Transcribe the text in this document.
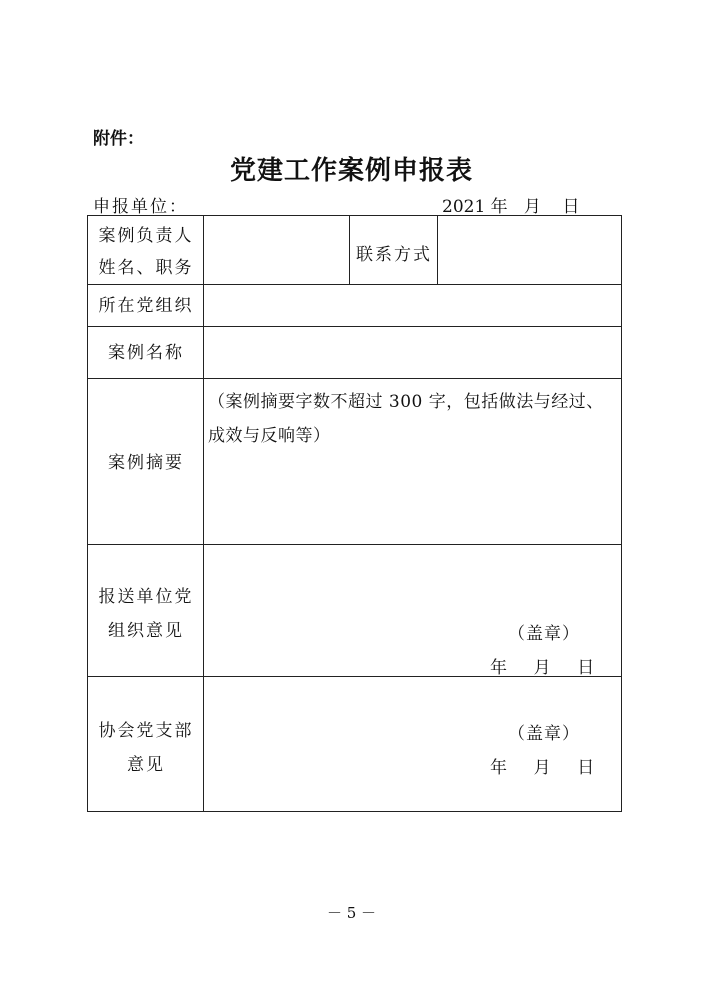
附件：
党建工作案例申报表
申报单位：	2021 年   月    日
案例负责人
姓名、职务
联系方式
所在党组织
案例名称
案例摘要
（案例摘要字数不超过 300 字，包括做法与经过、
成效与反响等）
报送单位党
组织意见	（盖章）
年    月    日
协会党支部
意见
（盖章）
年    月    日
－ 5 －
